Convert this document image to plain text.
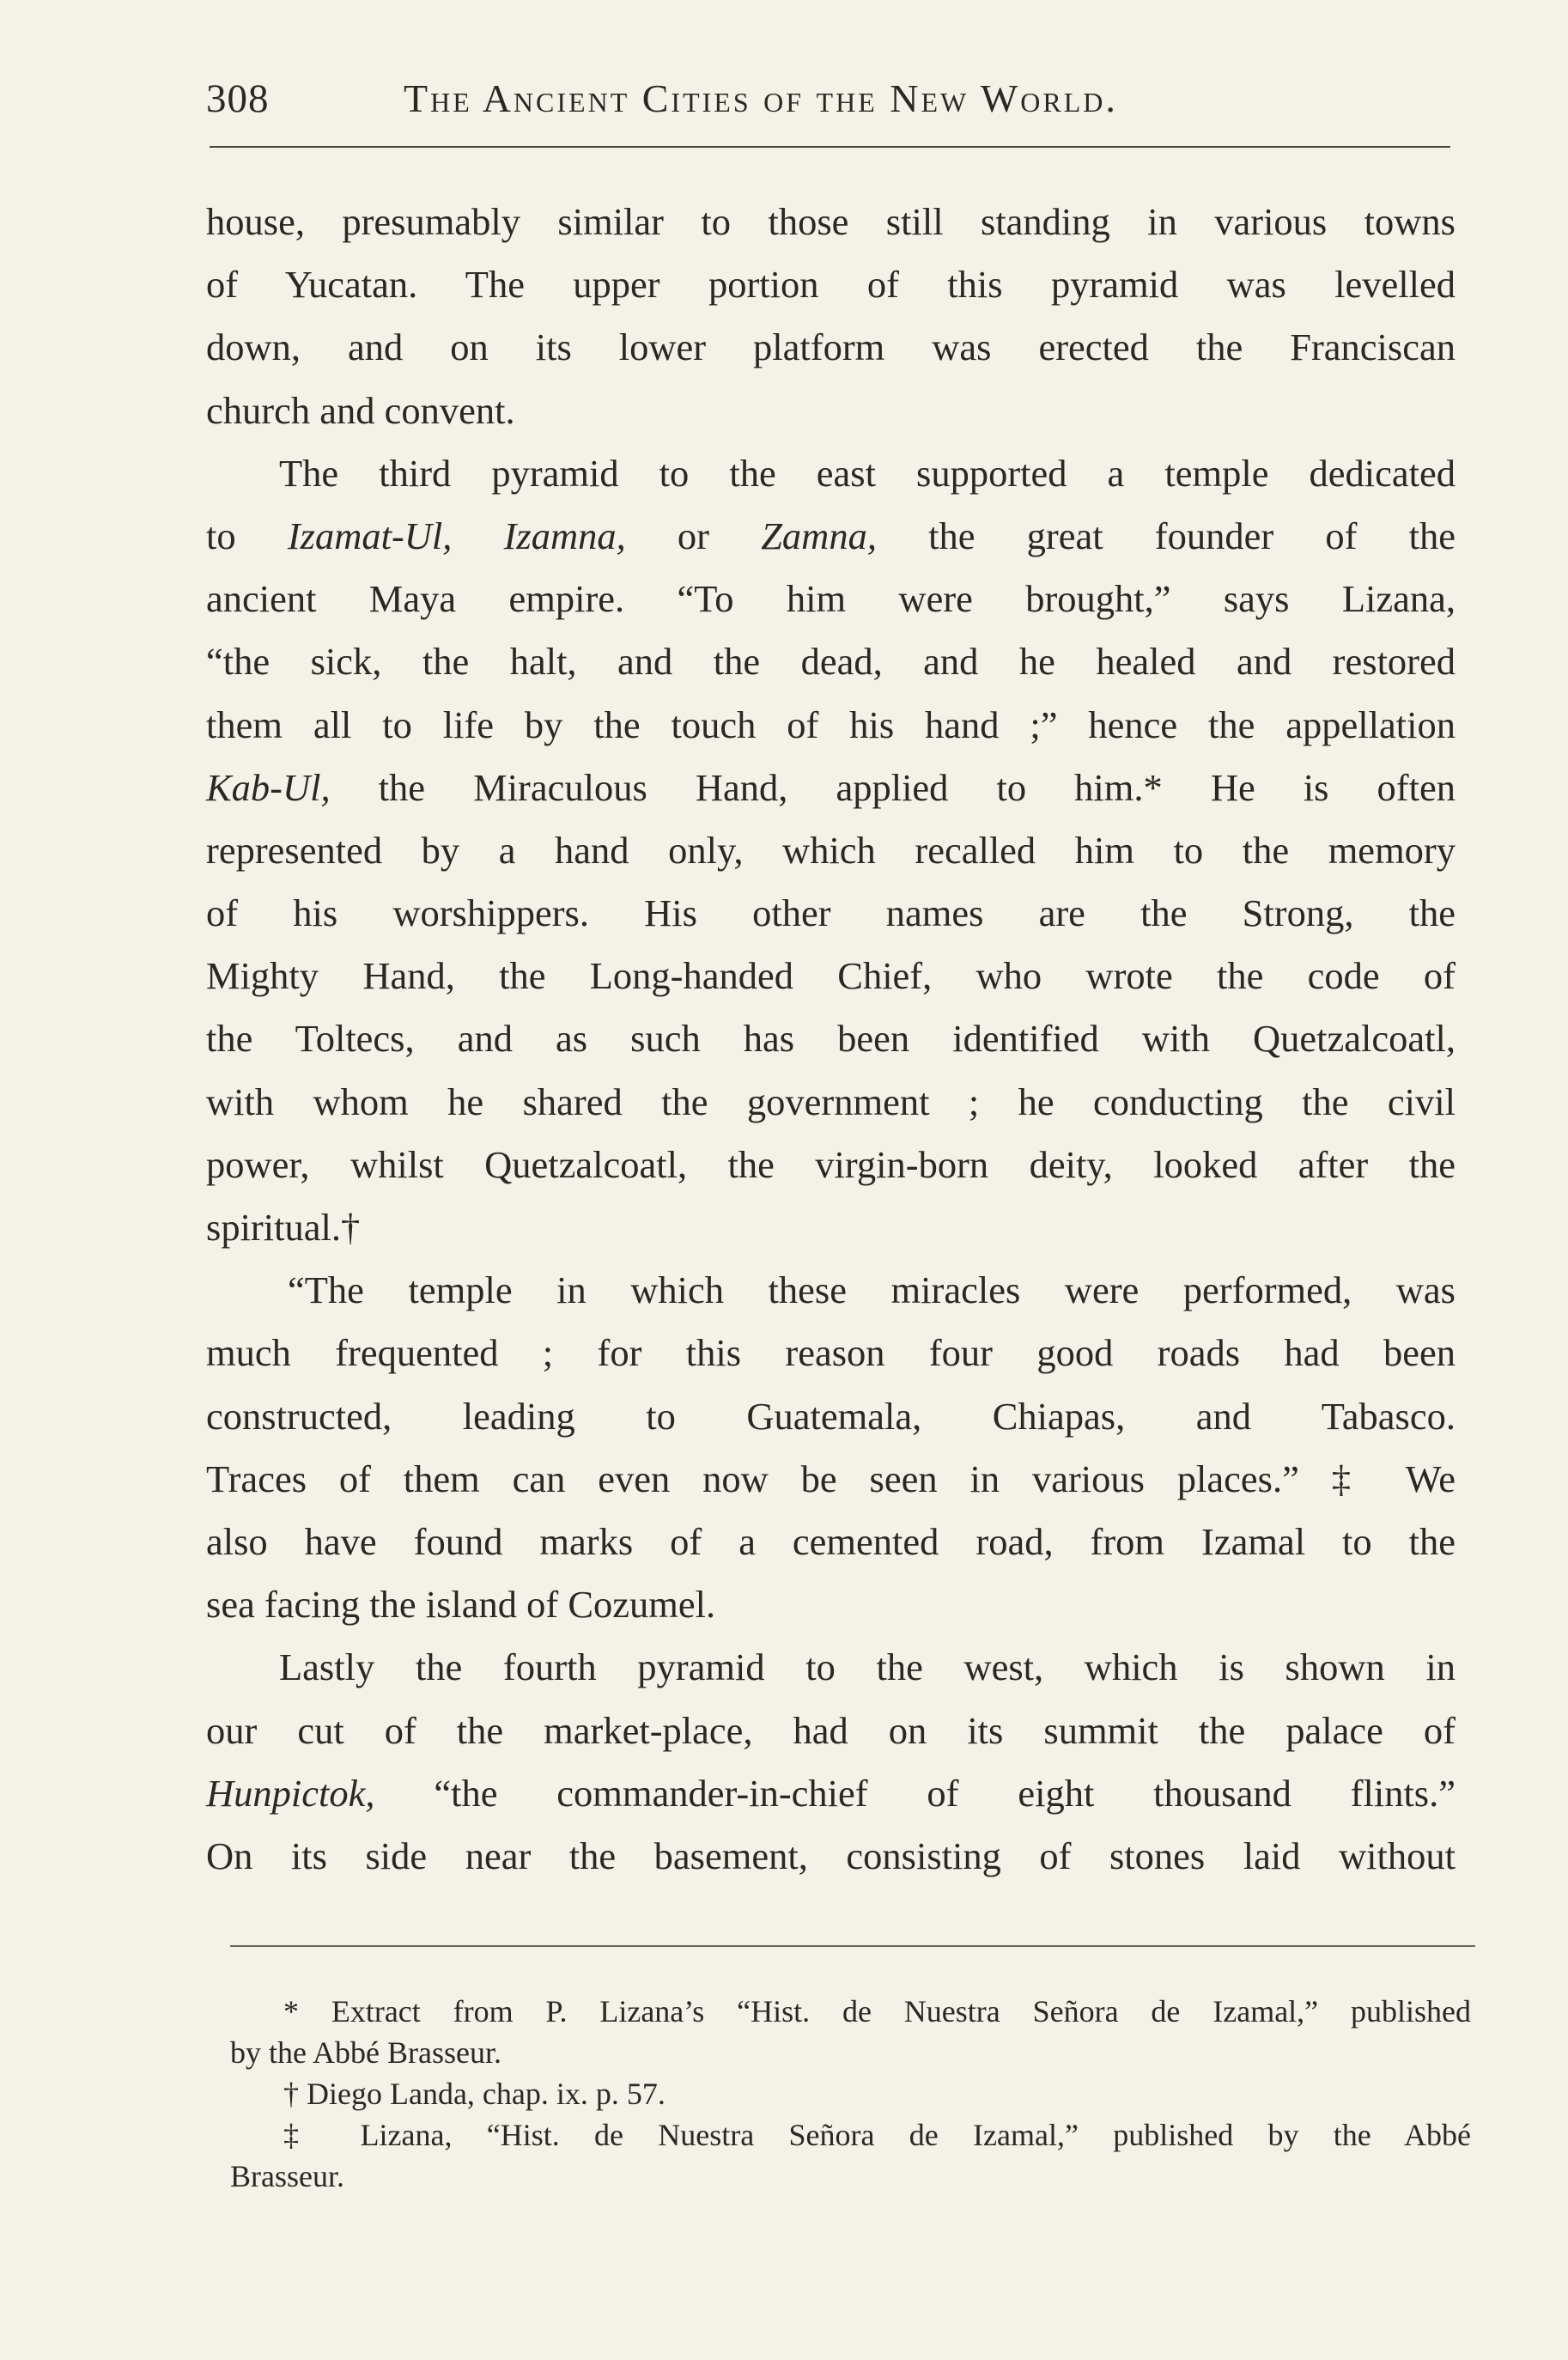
308	The Ancient Cities of the New World.
house, presumably similar to those still standing in various towns
of Yucatan. The upper portion of this pyramid was levelled
down, and on its lower platform was erected the Franciscan
church and convent.
The third pyramid to the east supported a temple dedicated
to Izamat-Ul, Izamna, or Zamna, the great founder of the
ancient Maya empire. “To him were brought,” says Lizana,
“the sick, the halt, and the dead, and he healed and restored
them all to life by the touch of his hand ;” hence the appellation
Kab-Ul, the Miraculous Hand, applied to him.* He is often
represented by a hand only, which recalled him to the memory
of his worshippers. His other names are the Strong, the
Mighty Hand, the Long-handed Chief, who wrote the code of
the Toltecs, and as such has been identified with Quetzalcoatl,
with whom he shared the government ; he conducting the civil
power, whilst Quetzalcoatl, the virgin-born deity, looked after the
spiritual.†
“The temple in which these miracles were performed, was
much frequented ; for this reason four good roads had been
constructed, leading to Guatemala, Chiapas, and Tabasco.
Traces of them can even now be seen in various places.” ‡ We
also have found marks of a cemented road, from Izamal to the
sea facing the island of Cozumel.
Lastly the fourth pyramid to the west, which is shown in
our cut of the market-place, had on its summit the palace of
Hunpictok, “the commander-in-chief of eight thousand flints.”
On its side near the basement, consisting of stones laid without
* Extract from P. Lizana’s “Hist. de Nuestra Señora de Izamal,” published
by the Abbé Brasseur.
† Diego Landa, chap. ix. p. 57.
‡ Lizana, “Hist. de Nuestra Señora de Izamal,” published by the Abbé
Brasseur.
